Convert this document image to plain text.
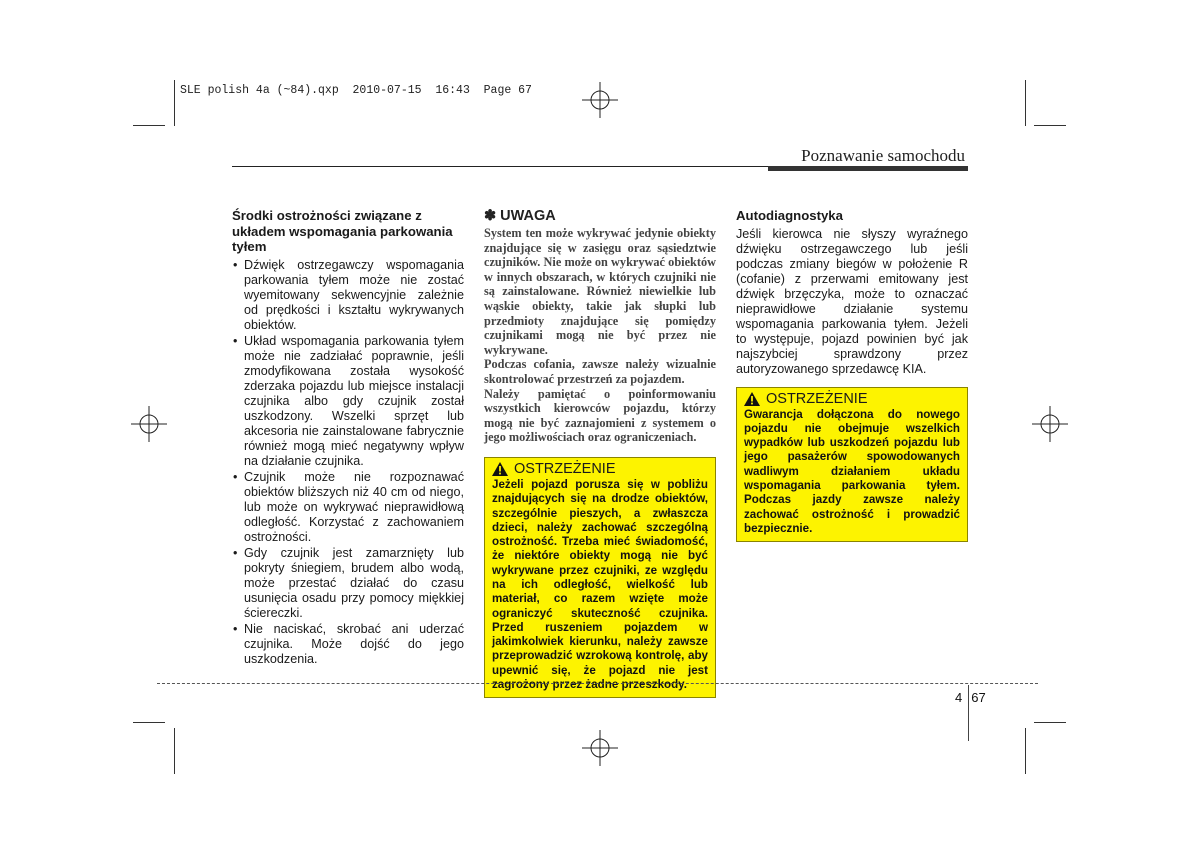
SLE polish 4a (~84).qxp  2010-07-15  16:43  Page 67
Poznawanie samochodu
Środki ostrożności związane z układem wspomagania parkowania tyłem
• Dźwięk ostrzegawczy wspomagania parkowania tyłem może nie zostać wyemitowany sekwencyjnie zależnie od prędkości i kształtu wykrywanych obiektów.
• Układ wspomagania parkowania tyłem może nie zadziałać poprawnie, jeśli zmodyfikowana została wysokość zderzaka pojazdu lub miejsce instalacji czujnika albo gdy czujnik został uszkodzony. Wszelki sprzęt lub akcesoria nie zainstalowane fabrycznie również mogą mieć negatywny wpływ na działanie czujnika.
• Czujnik może nie rozpoznawać obiektów bliższych niż 40 cm od niego, lub może on wykrywać nieprawidłową odległość. Korzystać z zachowaniem ostrożności.
• Gdy czujnik jest zamarznięty lub pokryty śniegiem, brudem albo wodą, może przestać działać do czasu usunięcia osadu przy pomocy miękkiej ściereczki.
• Nie naciskać, skrobać ani uderzać czujnika. Może dojść do jego uszkodzenia.
✽ UWAGA
System ten może wykrywać jedynie obiekty znajdujące się w zasięgu oraz sąsiedztwie czujników. Nie może on wykrywać obiektów w innych obszarach, w których czujniki nie są zainstalowane. Również niewielkie lub wąskie obiekty, takie jak słupki lub przedmioty znajdujące się pomiędzy czujnikami mogą nie być przez nie wykrywane.
Podczas cofania, zawsze należy wizualnie skontrolować przestrzeń za pojazdem.
Należy pamiętać o poinformowaniu wszystkich kierowców pojazdu, którzy mogą nie być zaznajomieni z systemem o jego możliwościach oraz ograniczeniach.
OSTRZEŻENIE
Jeżeli pojazd porusza się w pobliżu znajdujących się na drodze obiektów, szczególnie pieszych, a zwłaszcza dzieci, należy zachować szczególną ostrożność. Trzeba mieć świadomość, że niektóre obiekty mogą nie być wykrywane przez czujniki, ze względu na ich odległość, wielkość lub materiał, co razem wzięte może ograniczyć skuteczność czujnika. Przed ruszeniem pojazdem w jakimkolwiek kierunku, należy zawsze przeprowadzić wzrokową kontrolę, aby upewnić się, że pojazd nie jest zagrożony przez żadne przeszkody.
Autodiagnostyka
Jeśli kierowca nie słyszy wyraźnego dźwięku ostrzegawczego lub jeśli podczas zmiany biegów w położenie R (cofanie) z przerwami emitowany jest dźwięk brzęczyka, może to oznaczać nieprawidłowe działanie systemu wspomagania parkowania tyłem. Jeżeli to występuje, pojazd powinien być jak najszybciej sprawdzony przez autoryzowanego sprzedawcę KIA.
OSTRZEŻENIE
Gwarancja dołączona do nowego pojazdu nie obejmuje wszelkich wypadków lub uszkodzeń pojazdu lub jego pasażerów spowodowanych wadliwym działaniem układu wspomagania parkowania tyłem. Podczas jazdy zawsze należy zachować ostrożność i prowadzić bezpiecznie.
4 67
